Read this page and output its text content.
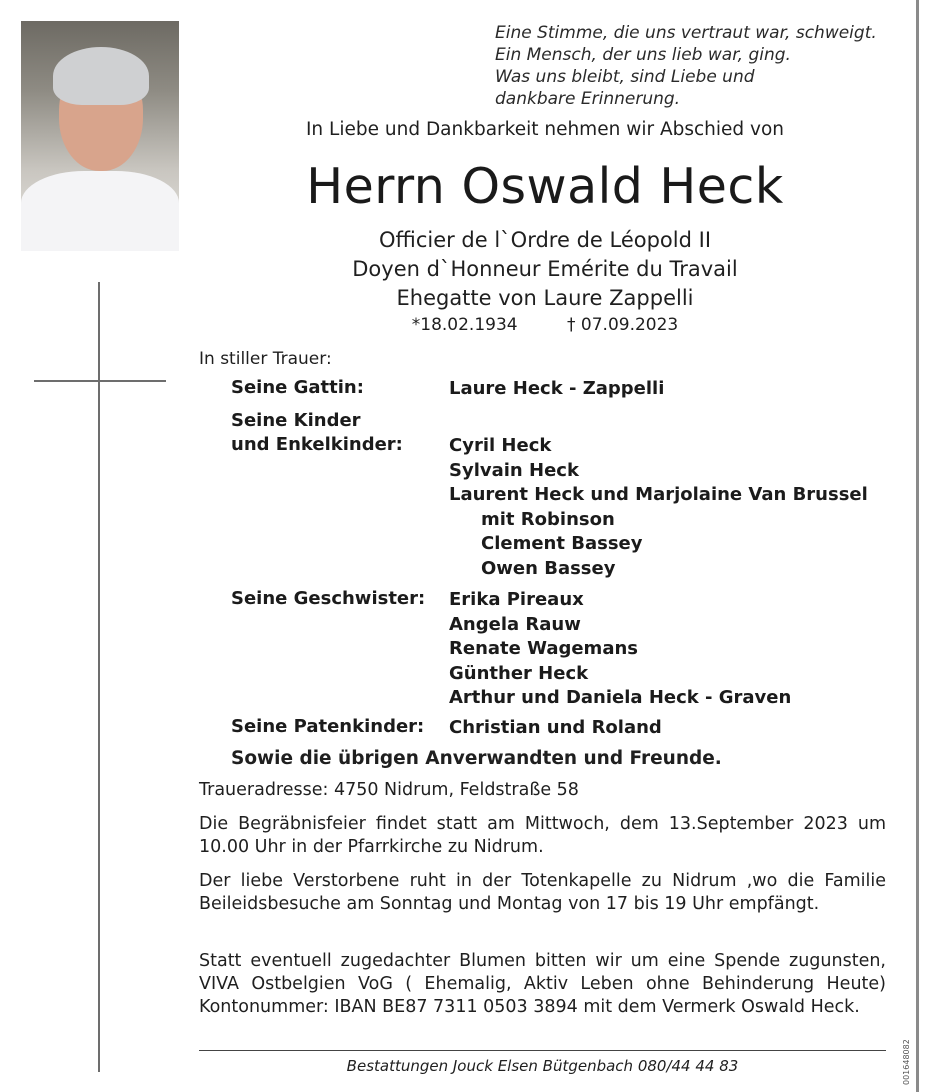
Eine Stimme, die uns vertraut war, schweigt.
Ein Mensch, der uns lieb war, ging.
Was uns bleibt, sind Liebe und
dankbare Erinnerung.
In Liebe und Dankbarkeit nehmen wir Abschied von
Herrn Oswald Heck
Officier de l`Ordre de Léopold II
Doyen d`Honneur Emérite du Travail
Ehegatte von Laure Zappelli
*18.02.1934	† 07.09.2023
In stiller Trauer:
Seine Gattin:	Laure Heck - Zappelli
Seine Kinder
und Enkelkinder:	Cyril Heck
Sylvain Heck
Laurent Heck und Marjolaine Van Brussel
mit Robinson
Clement Bassey
Owen Bassey
Seine Geschwister: Erika Pireaux
Angela Rauw
Renate Wagemans
Günther Heck
Arthur und Daniela Heck - Graven
Seine Patenkinder: Christian und Roland
Sowie die übrigen Anverwandten und Freunde.
Traueradresse: 4750 Nidrum, Feldstraße 58
Die Begräbnisfeier findet statt am Mittwoch, dem 13.September 2023 um 10.00 Uhr in der Pfarrkirche zu Nidrum.
Der liebe Verstorbene ruht in der Totenkapelle zu Nidrum ,wo die Familie Beileidsbesuche am Sonntag und Montag von 17 bis 19 Uhr empfängt.
Statt eventuell zugedachter Blumen bitten wir um eine Spende zugunsten, VIVA Ostbelgien VoG ( Ehemalig, Aktiv Leben ohne Behinderung Heute) Kontonummer: IBAN BE87 7311 0503 3894 mit dem Vermerk Oswald Heck.
Bestattungen Jouck Elsen Bütgenbach 080/44 44 83	001648082
